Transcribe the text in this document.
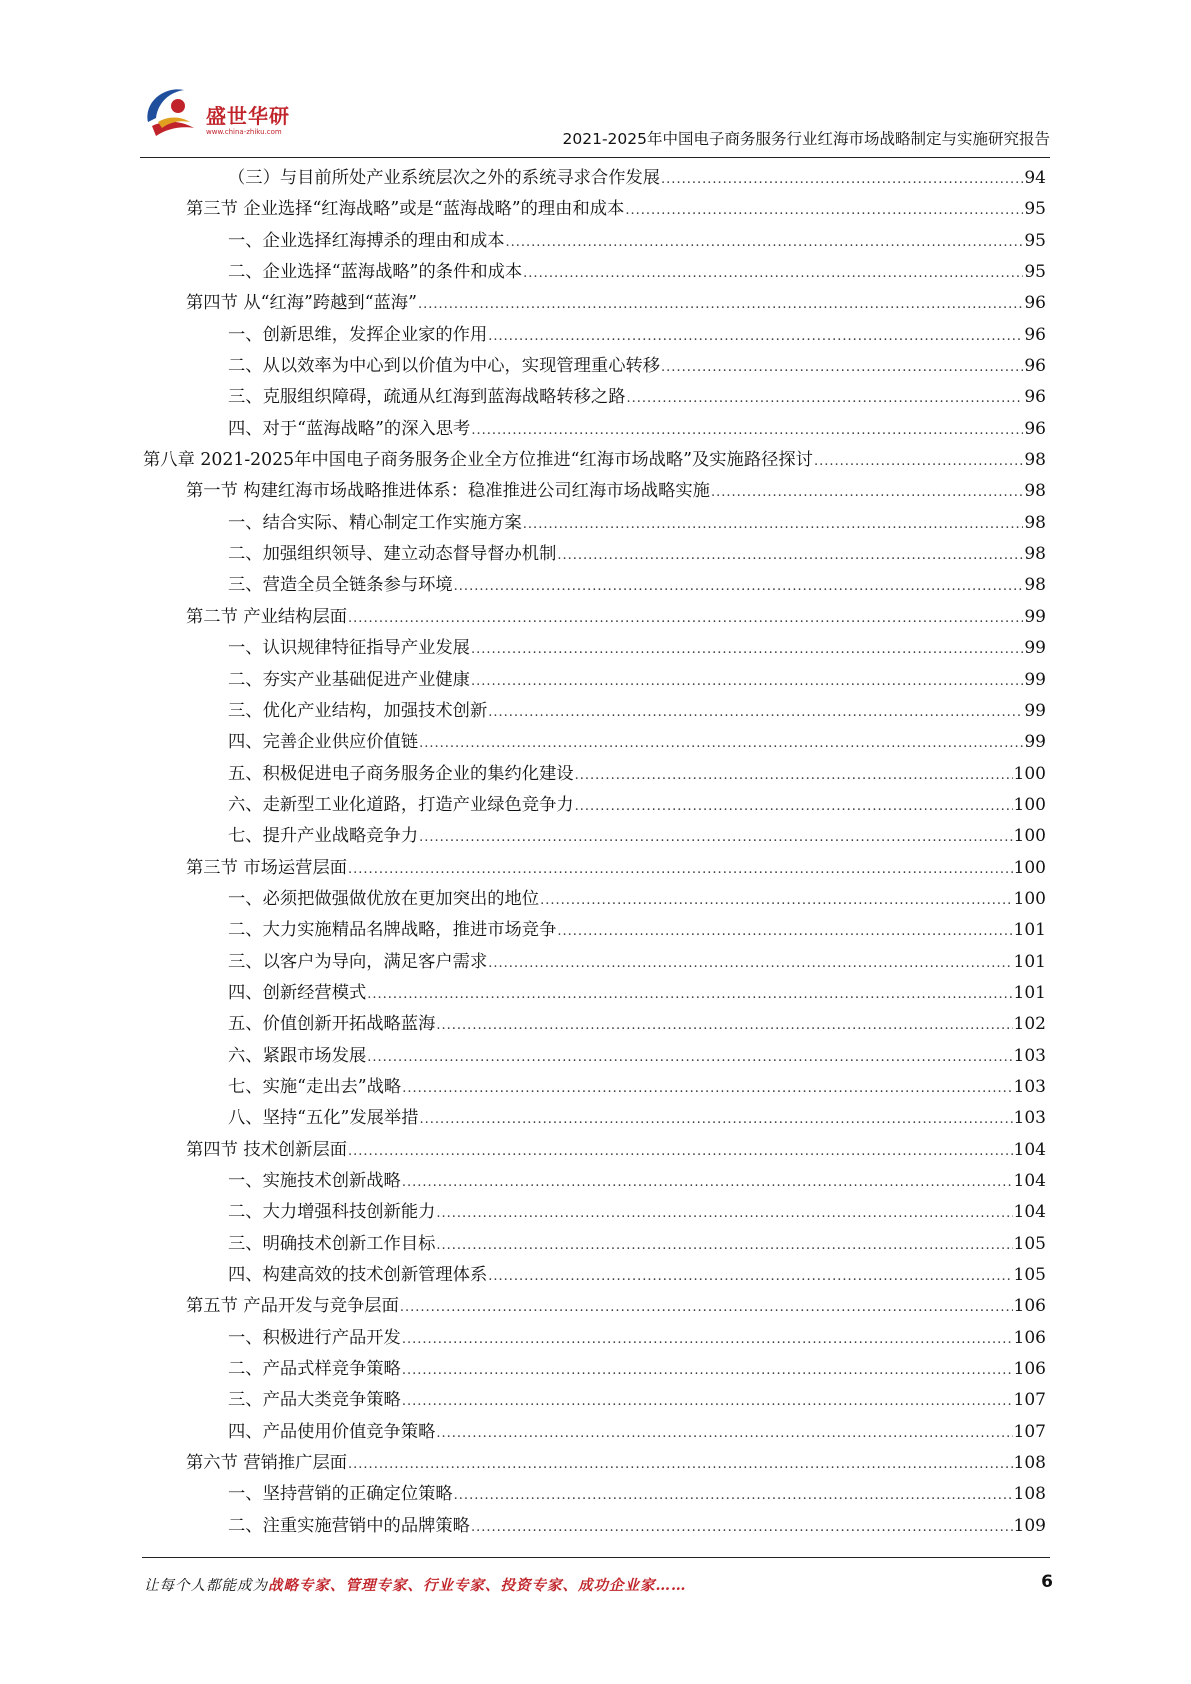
盛世华研
www.china-zhiku.com	2021-2025年中国电子商务服务行业红海市场战略制定与实施研究报告
（三）与目前所处产业系统层次之外的系统寻求合作发展 .....	94
第三节 企业选择“红海战略”或是“蓝海战略”的理由和成本 .....	95
一、企业选择红海搏杀的理由和成本 .....	95
二、企业选择“蓝海战略”的条件和成本 .....	95
第四节 从“红海”跨越到“蓝海” .....	96
一、创新思维，发挥企业家的作用 .....	96
二、从以效率为中心到以价值为中心，实现管理重心转移 .....	96
三、克服组织障碍，疏通从红海到蓝海战略转移之路 .....	96
四、对于“蓝海战略”的深入思考 .....	96
第八章 2021-2025年中国电子商务服务企业全方位推进“红海市场战略”及实施路径探讨 .....	98
第一节 构建红海市场战略推进体系：稳准推进公司红海市场战略实施 .....	98
一、结合实际、精心制定工作实施方案 .....	98
二、加强组织领导、建立动态督导督办机制 .....	98
三、营造全员全链条参与环境 .....	98
第二节 产业结构层面 .....	99
一、认识规律特征指导产业发展 .....	99
二、夯实产业基础促进产业健康 .....	99
三、优化产业结构，加强技术创新 .....	99
四、完善企业供应价值链 .....	99
五、积极促进电子商务服务企业的集约化建设 .....	100
六、走新型工业化道路，打造产业绿色竞争力 .....	100
七、提升产业战略竞争力 .....	100
第三节 市场运营层面 .....	100
一、必须把做强做优放在更加突出的地位 .....	100
二、大力实施精品名牌战略，推进市场竞争 .....	101
三、以客户为导向，满足客户需求 .....	101
四、创新经营模式 .....	101
五、价值创新开拓战略蓝海 .....	102
六、紧跟市场发展 .....	103
七、实施“走出去”战略 .....	103
八、坚持“五化”发展举措 .....	103
第四节 技术创新层面 .....	104
一、实施技术创新战略 .....	104
二、大力增强科技创新能力 .....	104
三、明确技术创新工作目标 .....	105
四、构建高效的技术创新管理体系 .....	105
第五节 产品开发与竞争层面 .....	106
一、积极进行产品开发 .....	106
二、产品式样竞争策略 .....	106
三、产品大类竞争策略 .....	107
四、产品使用价值竞争策略 .....	107
第六节 营销推广层面 .....	108
一、坚持营销的正确定位策略 .....	108
二、注重实施营销中的品牌策略 .....	109
让每个人都能成为战略专家、管理专家、行业专家、投资专家、成功企业家……	6
